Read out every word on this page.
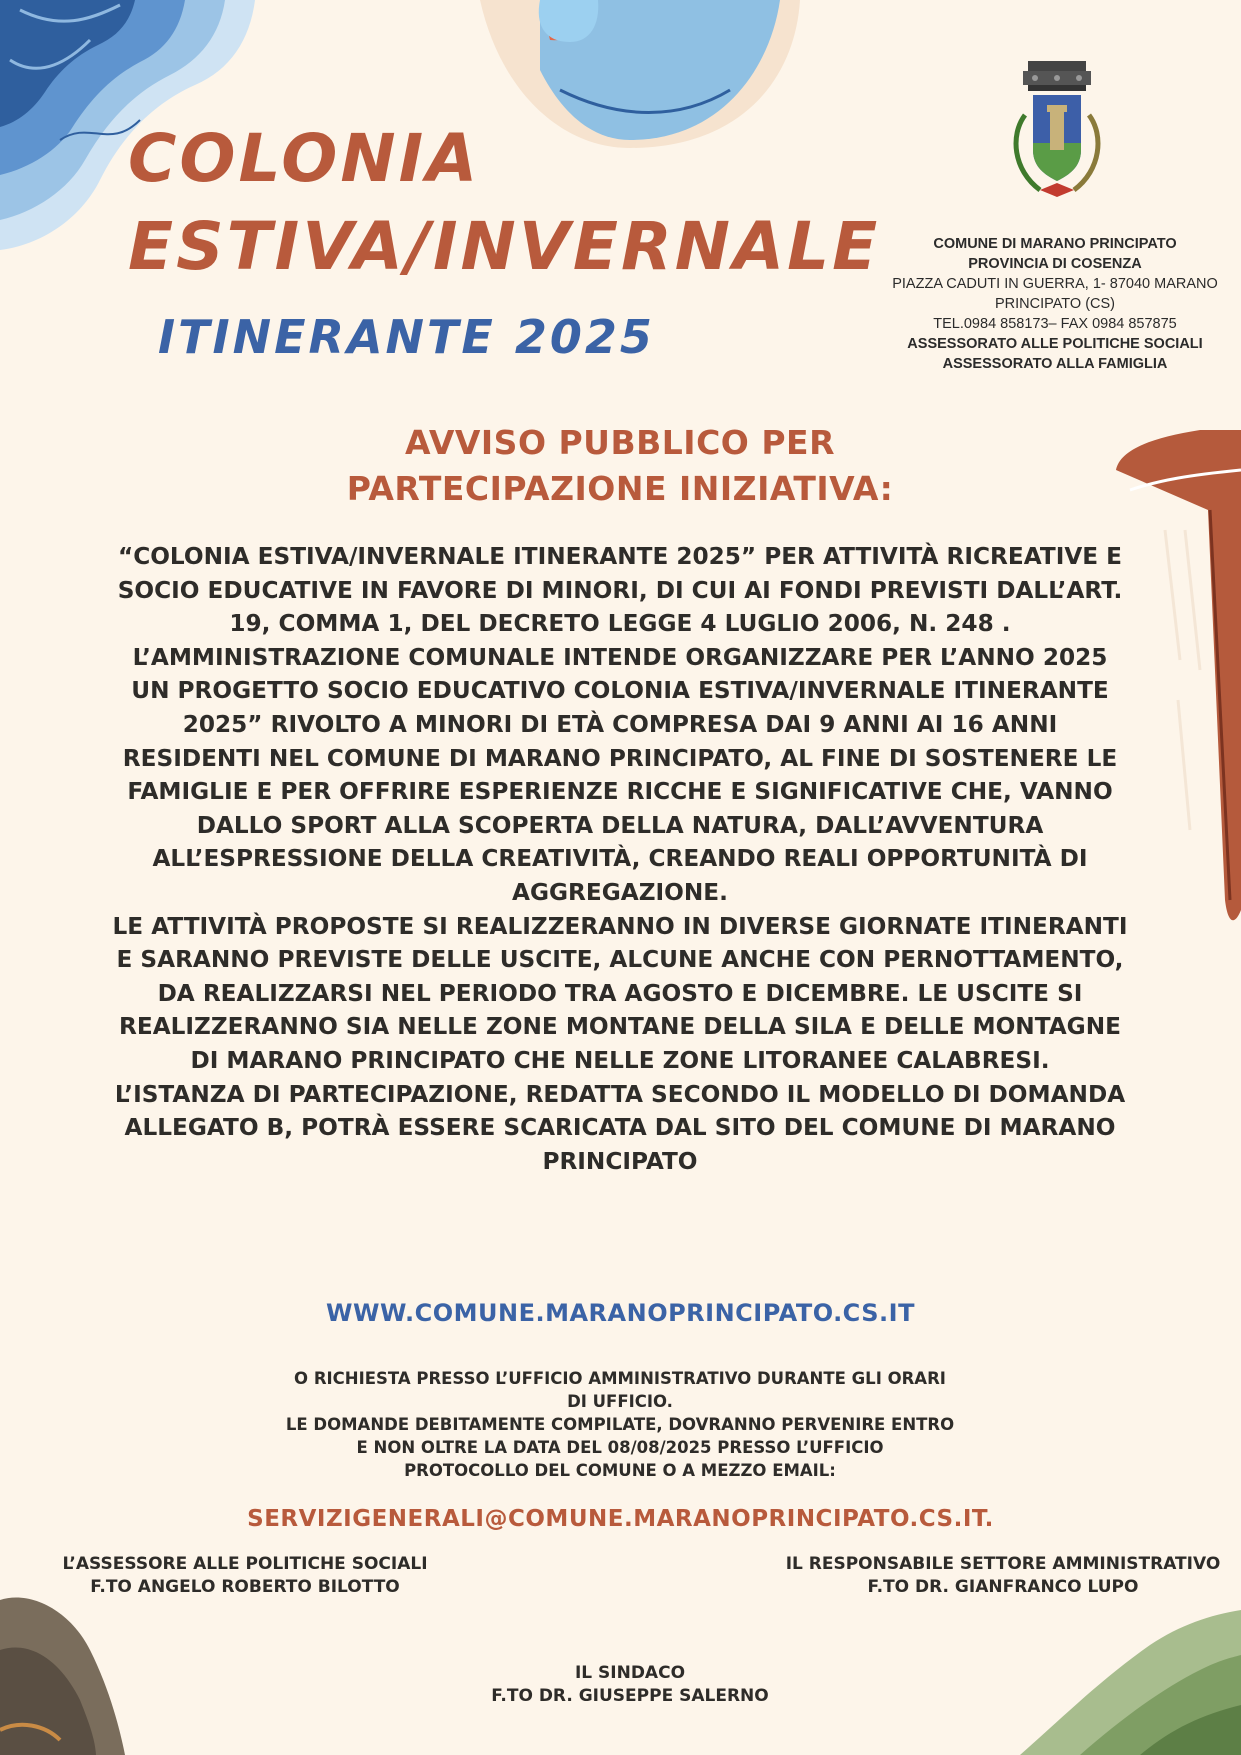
COLONIA
ESTIVA/INVERNALE
ITINERANTE 2025
COMUNE DI MARANO PRINCIPATO
PROVINCIA DI COSENZA
PIAZZA CADUTI IN GUERRA, 1- 87040 MARANO
PRINCIPATO (CS)
TEL.0984 858173– FAX 0984 857875
ASSESSORATO ALLE POLITICHE SOCIALI
ASSESSORATO ALLA FAMIGLIA
AVVISO PUBBLICO PER
PARTECIPAZIONE INIZIATIVA:

“COLONIA ESTIVA/INVERNALE ITINERANTE 2025” PER ATTIVITÀ RICREATIVE E SOCIO EDUCATIVE IN FAVORE DI MINORI, DI CUI AI FONDI PREVISTI DALL’ART. 19, COMMA 1, DEL DECRETO LEGGE 4 LUGLIO 2006, N. 248 .

L’AMMINISTRAZIONE COMUNALE INTENDE ORGANIZZARE PER L’ANNO 2025 UN PROGETTO SOCIO EDUCATIVO COLONIA ESTIVA/INVERNALE ITINERANTE 2025” RIVOLTO A MINORI DI ETÀ COMPRESA DAI 9 ANNI AI 16 ANNI RESIDENTI NEL COMUNE DI MARANO PRINCIPATO, AL FINE DI SOSTENERE LE FAMIGLIE E PER OFFRIRE ESPERIENZE RICCHE E SIGNIFICATIVE CHE, VANNO DALLO SPORT ALLA SCOPERTA DELLA NATURA, DALL’AVVENTURA ALL’ESPRESSIONE DELLA CREATIVITÀ, CREANDO REALI OPPORTUNITÀ DI AGGREGAZIONE.

LE ATTIVITÀ PROPOSTE SI REALIZZERANNO IN DIVERSE GIORNATE ITINERANTI E SARANNO PREVISTE DELLE USCITE, ALCUNE ANCHE CON PERNOTTAMENTO, DA REALIZZARSI NEL PERIODO TRA AGOSTO E DICEMBRE. LE USCITE SI REALIZZERANNO SIA NELLE ZONE MONTANE DELLA SILA E DELLE MONTAGNE DI MARANO PRINCIPATO CHE NELLE ZONE LITORANEE CALABRESI.

L’ISTANZA DI PARTECIPAZIONE, REDATTA SECONDO IL MODELLO DI DOMANDA ALLEGATO B, POTRÀ ESSERE SCARICATA DAL SITO DEL COMUNE DI MARANO PRINCIPATO

WWW.COMUNE.MARANOPRINCIPATO.CS.IT

O RICHIESTA PRESSO L’UFFICIO AMMINISTRATIVO DURANTE GLI ORARI

DI UFFICIO.

LE DOMANDE DEBITAMENTE COMPILATE, DOVRANNO PERVENIRE ENTRO

E NON OLTRE LA DATA DEL 08/08/2025 PRESSO L’UFFICIO

PROTOCOLLO DEL COMUNE O A MEZZO EMAIL:

SERVIZIGENERALI@COMUNE.MARANOPRINCIPATO.CS.IT.
L’ASSESSORE ALLE POLITICHE SOCIALI
F.TO ANGELO ROBERTO BILOTTO
IL RESPONSABILE SETTORE AMMINISTRATIVO
F.TO DR. GIANFRANCO LUPO
IL SINDACO
F.TO DR. GIUSEPPE SALERNO
